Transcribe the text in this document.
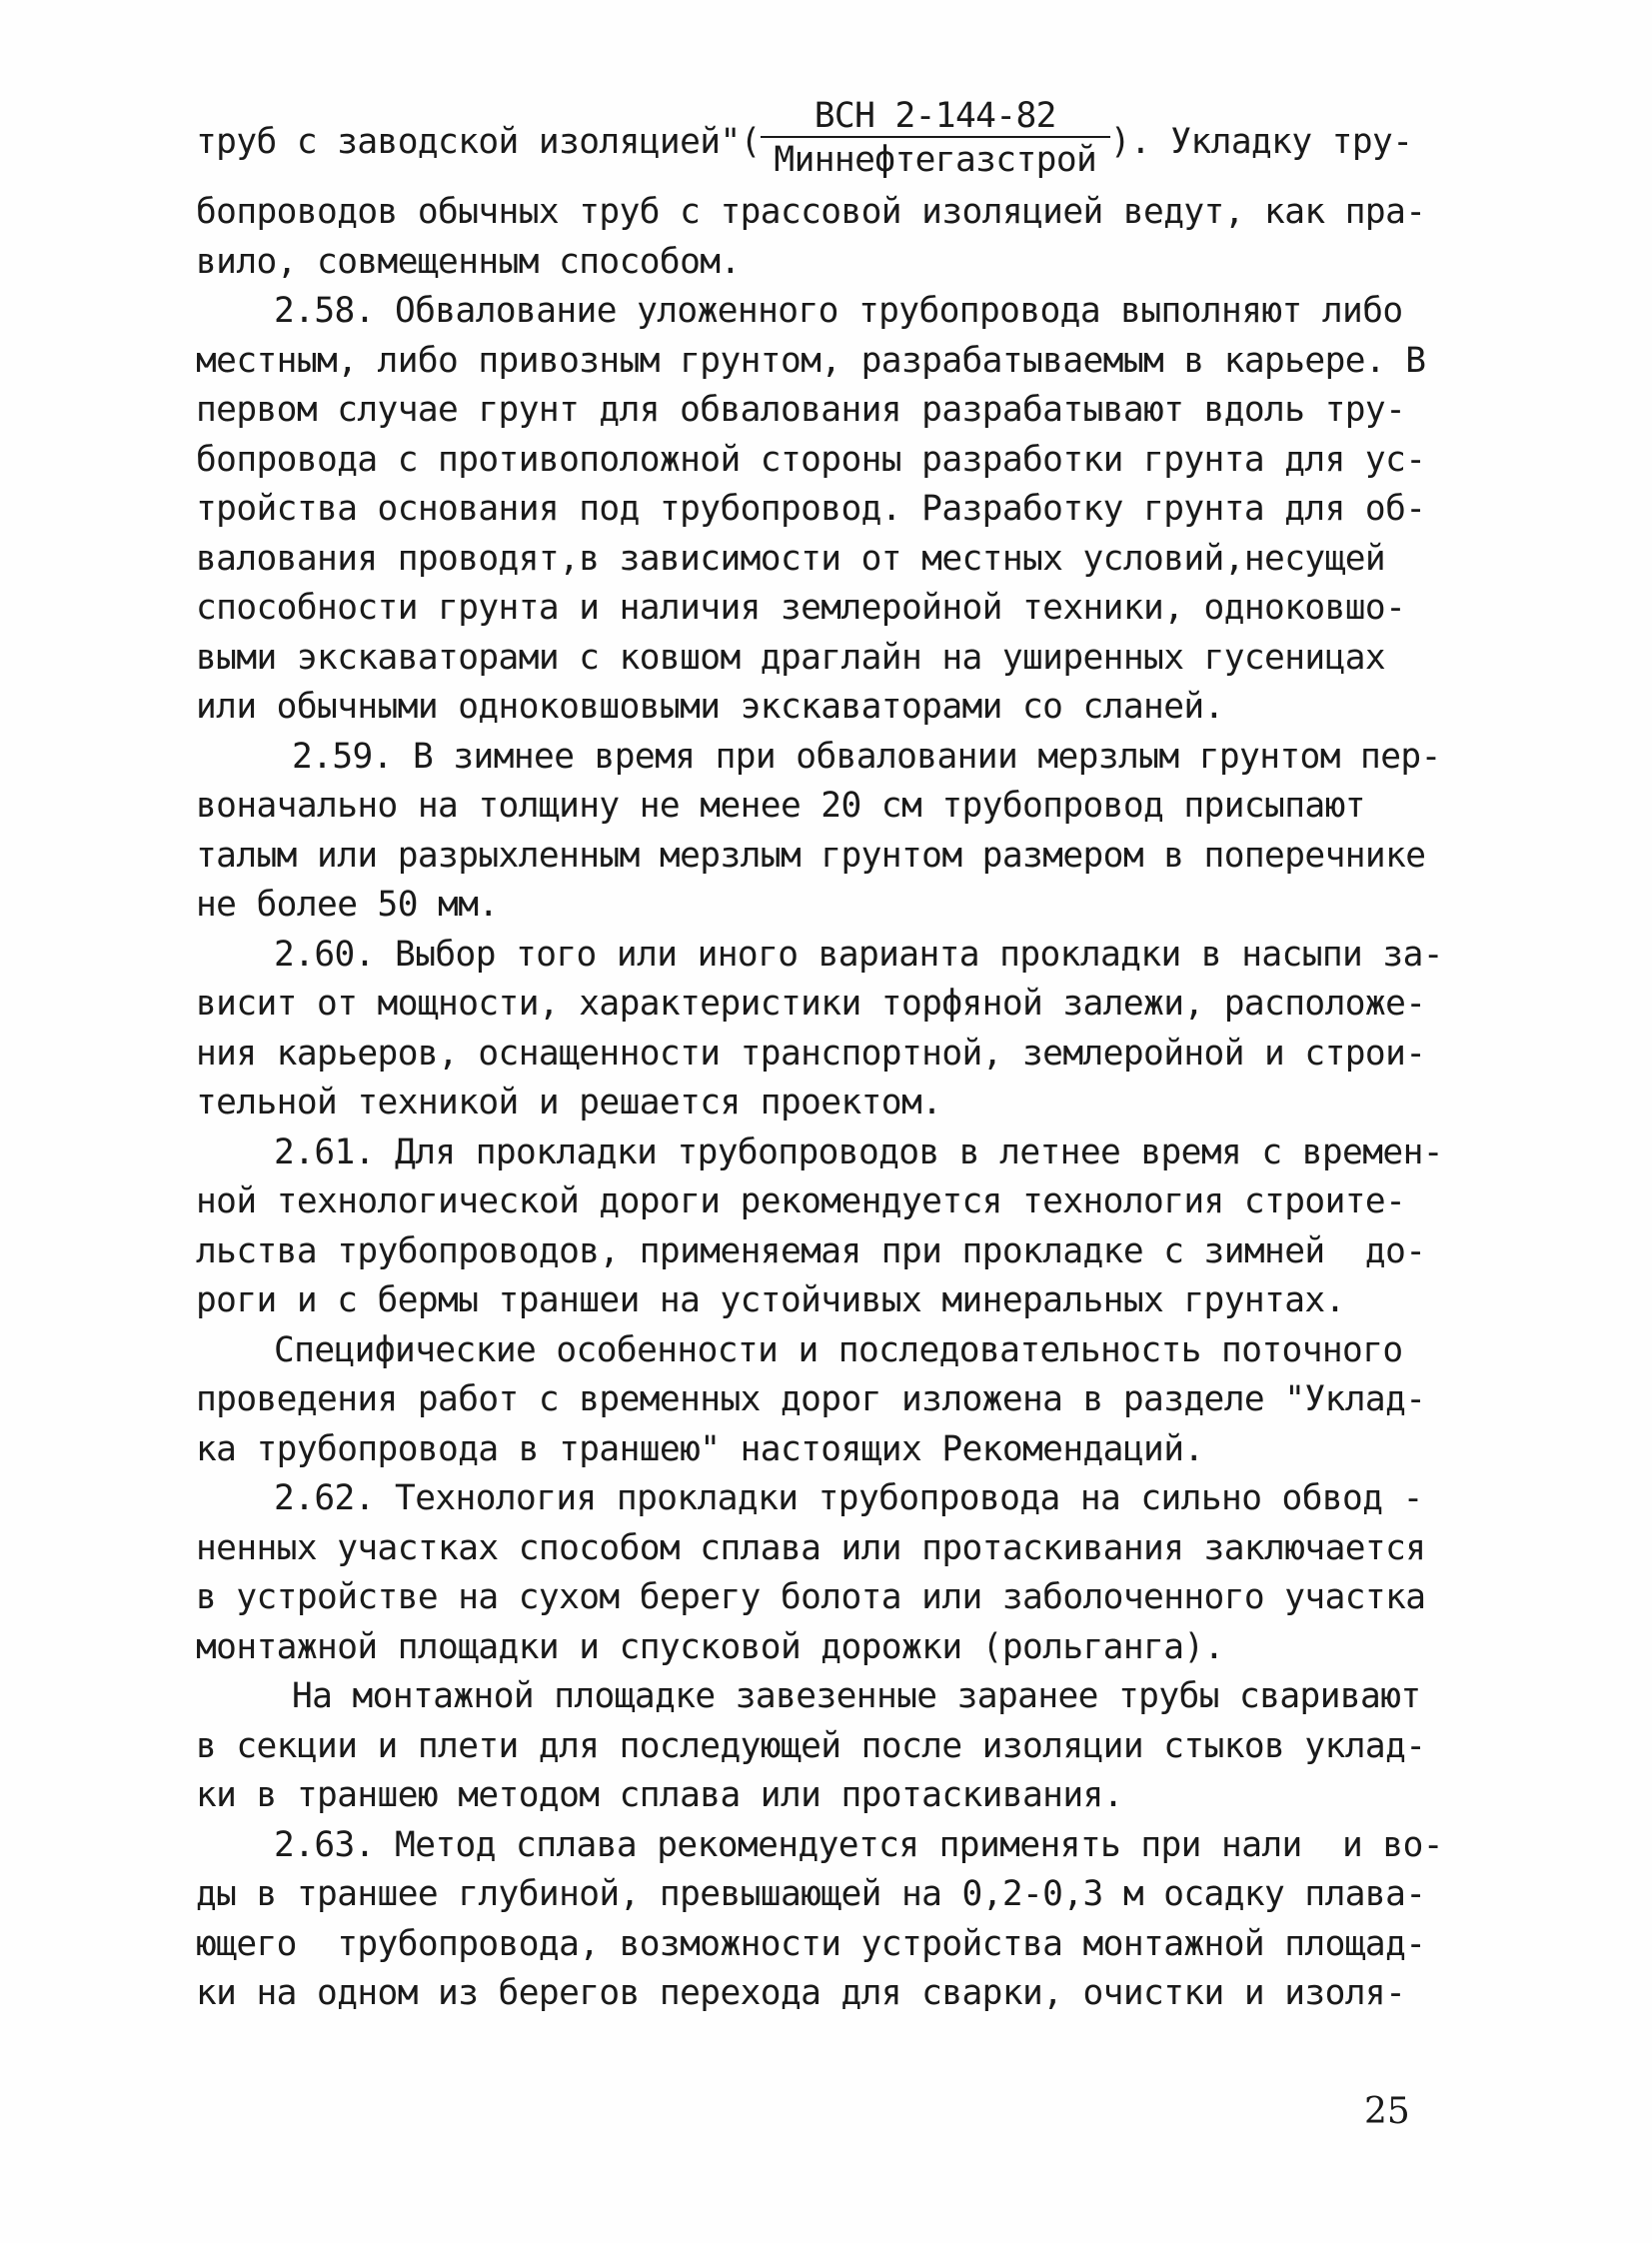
труб с заводской изоляцией"( $\frac{\text{ВСН 2-144-82}}{\text{Миннефтегазстрой}}$ ). Укладку тру-
бопроводов обычных труб с трассовой изоляцией ведут, как пра-
вило, совмещенным способом.
2.58. Обвалование уложенного трубопровода выполняют либо
местным, либо привозным грунтом, разрабатываемым в карьере. В
первом случае грунт для обвалования разрабатывают вдоль тру-
бопровода с противоположной стороны разработки грунта для ус-
тройства основания под трубопровод. Разработку грунта для об-
валования проводят,в зависимости от местных условий,несущей
способности грунта и наличия землеройной техники, одноковшо-
выми экскаваторами с ковшом драглайн на уширенных гусеницах
или обычными одноковшовыми экскаваторами со сланей.
2.59. В зимнее время при обваловании мерзлым грунтом пер-
воначально на толщину не менее 20 см трубопровод присыпают
талым или разрыхленным мерзлым грунтом размером в поперечнике
не более 50 мм.
2.60. Выбор того или иного варианта прокладки в насыпи за-
висит от мощности, характеристики торфяной залежи, расположе-
ния карьеров, оснащенности транспортной, землеройной и строи-
тельной техникой и решается проектом.
2.61. Для прокладки трубопроводов в летнее время с времен-
ной технологической дороги рекомендуется технология строите-
льства трубопроводов, применяемая при прокладке с зимней  до-
роги и с бермы траншеи на устойчивых минеральных грунтах.
Специфические особенности и последовательность поточного
проведения работ с временных дорог изложена в разделе "Уклад-
ка трубопровода в траншею" настоящих Рекомендаций.
2.62. Технология прокладки трубопровода на сильно обвод -
ненных участках способом сплава или протаскивания заключается
в устройстве на сухом берегу болота или заболоченного участка
монтажной площадки и спусковой дорожки (рольганга).
На монтажной площадке завезенные заранее трубы сваривают
в секции и плети для последующей после изоляции стыков уклад-
ки в траншею методом сплава или протаскивания.
2.63. Метод сплава рекомендуется применять при нали  и во-
ды в траншее глубиной, превышающей на 0,2-0,3 м осадку плава-
ющего  трубопровода, возможности устройства монтажной площад-
ки на одном из берегов перехода для сварки, очистки и изоля-
25
